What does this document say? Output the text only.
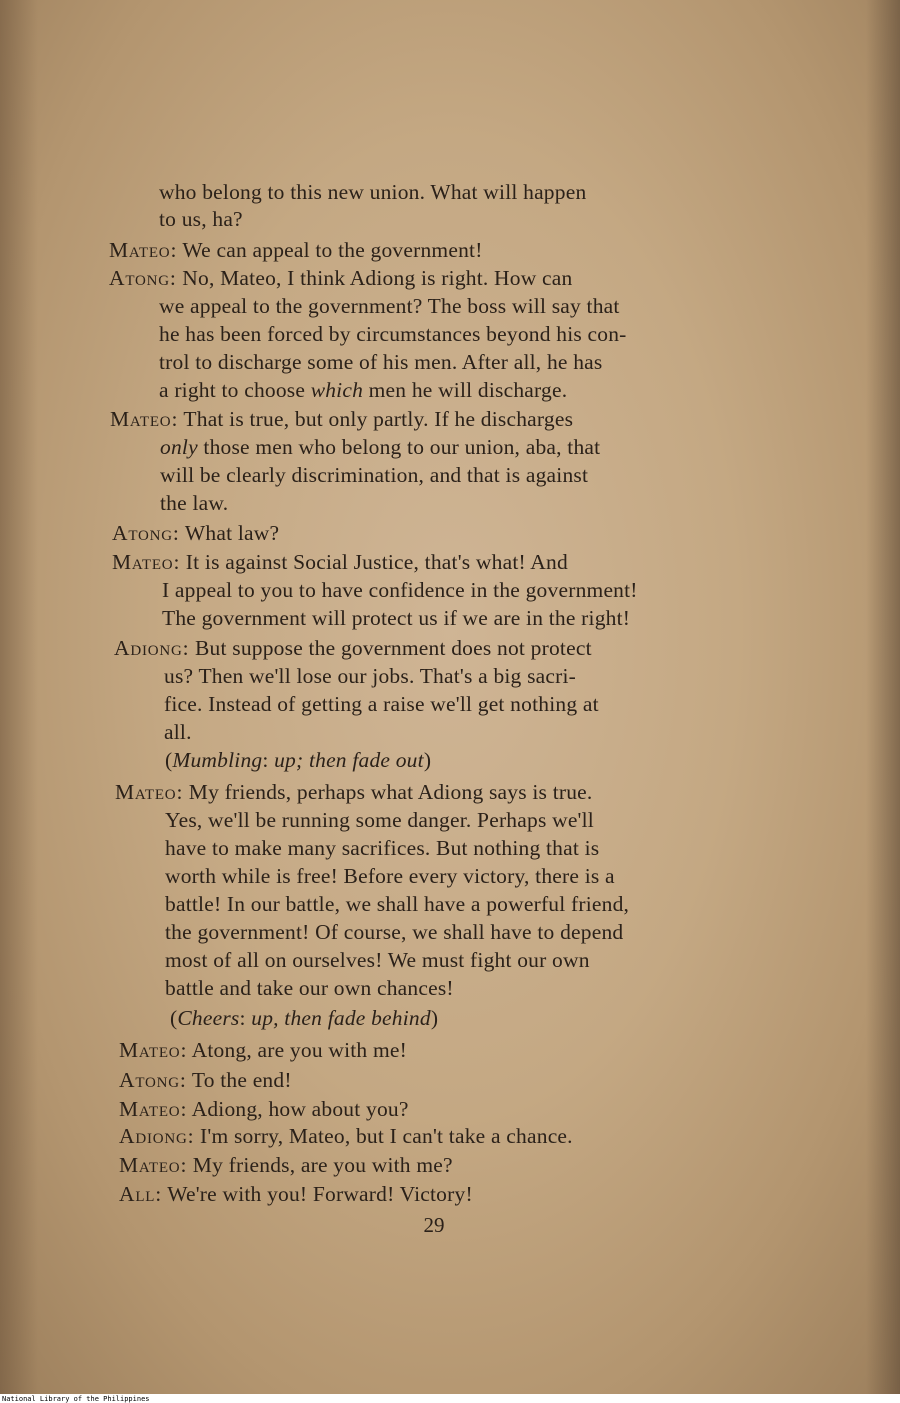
who belong to this new union. What will happen
to us, ha?
Mateo: We can appeal to the government!
Atong: No, Mateo, I think Adiong is right. How can
we appeal to the government? The boss will say that
he has been forced by circumstances beyond his con-
trol to discharge some of his men. After all, he has
a right to choose which men he will discharge.
Mateo: That is true, but only partly. If he discharges
only those men who belong to our union, aba, that
will be clearly discrimination, and that is against
the law.
Atong: What law?
Mateo: It is against Social Justice, that's what! And
I appeal to you to have confidence in the government!
The government will protect us if we are in the right!
Adiong: But suppose the government does not protect
us? Then we'll lose our jobs. That's a big sacri-
fice. Instead of getting a raise we'll get nothing at
all.
(Mumbling: up; then fade out)
Mateo: My friends, perhaps what Adiong says is true.
Yes, we'll be running some danger. Perhaps we'll
have to make many sacrifices. But nothing that is
worth while is free! Before every victory, there is a
battle! In our battle, we shall have a powerful friend,
the government! Of course, we shall have to depend
most of all on ourselves! We must fight our own
battle and take our own chances!
(Cheers: up, then fade behind)
Mateo: Atong, are you with me!
Atong: To the end!
Mateo: Adiong, how about you?
Adiong: I'm sorry, Mateo, but I can't take a chance.
Mateo: My friends, are you with me?
All: We're with you! Forward! Victory!
29
National Library of the Philippines
